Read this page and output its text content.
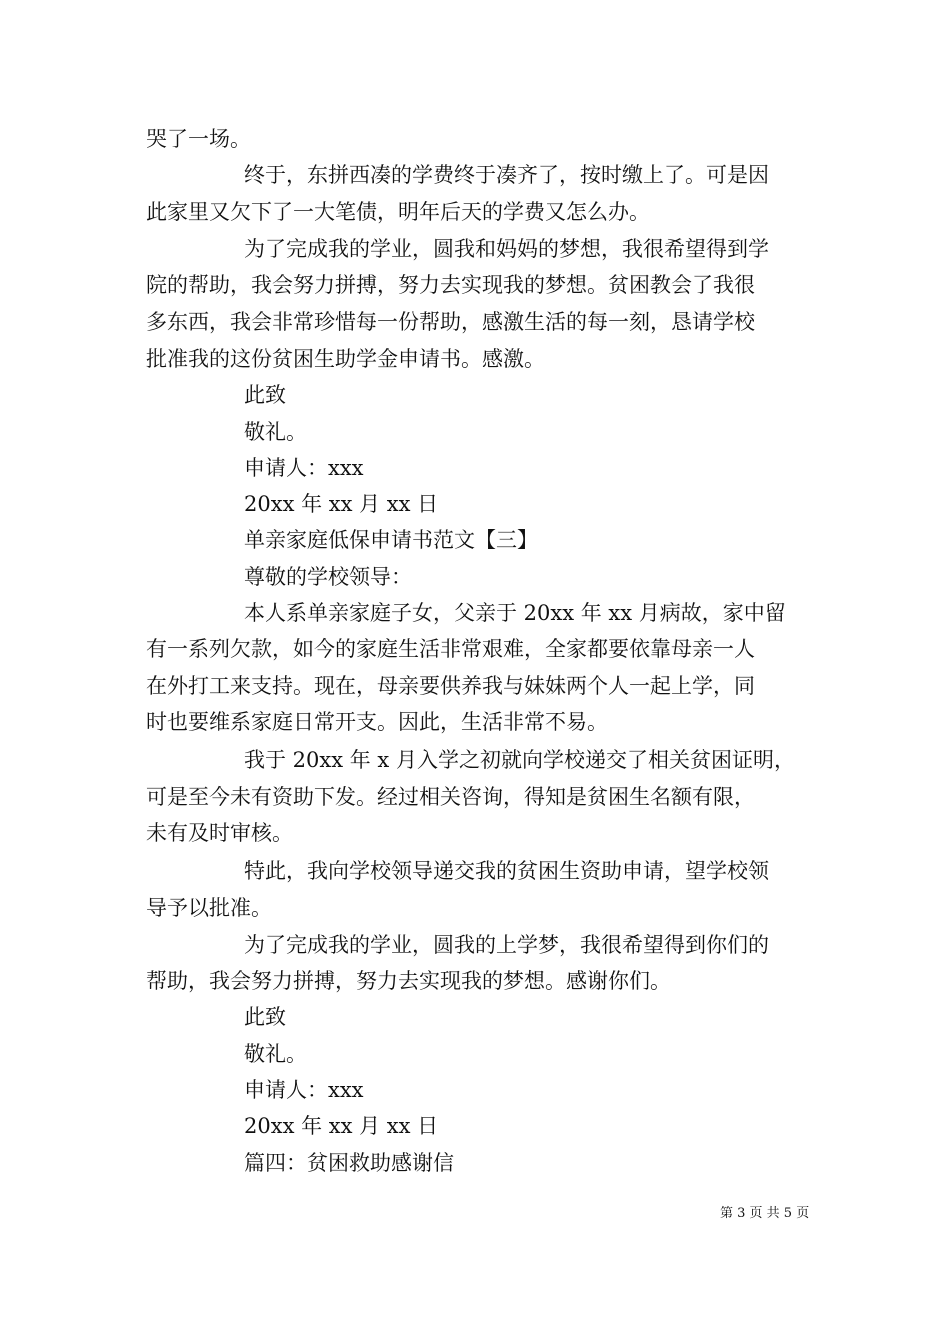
哭了一场。
终于，东拼西凑的学费终于凑齐了，按时缴上了。可是因
此家里又欠下了一大笔债，明年后天的学费又怎么办。
为了完成我的学业，圆我和妈妈的梦想，我很希望得到学
院的帮助，我会努力拼搏，努力去实现我的梦想。贫困教会了我很
多东西，我会非常珍惜每一份帮助，感激生活的每一刻，恳请学校
批准我的这份贫困生助学金申请书。感激。
此致
敬礼。
申请人：xxx
20xx 年 xx 月 xx 日
单亲家庭低保申请书范文【三】
尊敬的学校领导：
本人系单亲家庭子女，父亲于 20xx 年 xx 月病故，家中留
有一系列欠款，如今的家庭生活非常艰难，全家都要依靠母亲一人
在外打工来支持。现在，母亲要供养我与妹妹两个人一起上学，同
时也要维系家庭日常开支。因此，生活非常不易。
我于 20xx 年 x 月入学之初就向学校递交了相关贫困证明，
可是至今未有资助下发。经过相关咨询，得知是贫困生名额有限，
未有及时审核。
特此，我向学校领导递交我的贫困生资助申请，望学校领
导予以批准。
为了完成我的学业，圆我的上学梦，我很希望得到你们的
帮助，我会努力拼搏，努力去实现我的梦想。感谢你们。
此致
敬礼。
申请人：xxx
20xx 年 xx 月 xx 日
篇四：贫困救助感谢信
第 3 页 共 5 页
